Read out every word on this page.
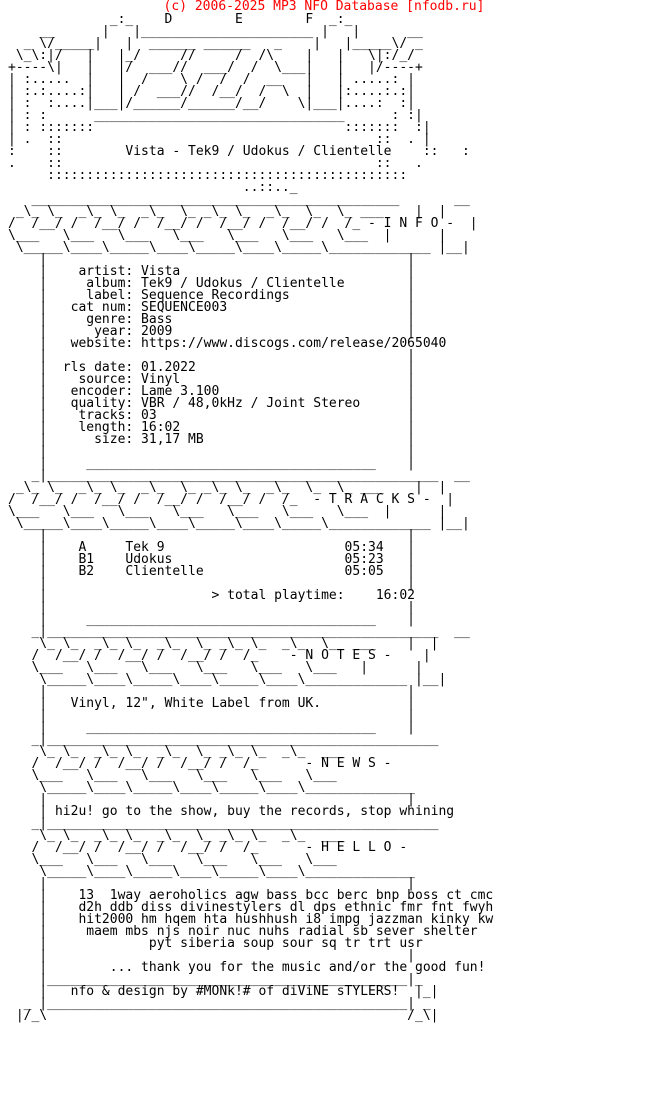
(c) 2006-2025 MP3 NFO Database [nfodb.ru]
_:_    D        E        F  _:_
__      |   |______________________ |   |      __
_ \/_____|   |  ______ ______   _    |   |_____\/ _
\_\:|/   |   |_/     //     /  /\    |   |   \|:/_/
+----\|   |   |/  ___//  ___/  /  \___|   |   |/----+
| :.....  |   |  /    \ /  /  /  __   |   | .....: |
| :.:....:|   | /  ___//  /__/  /  \  |   |:....:.:|
| :  :....|___|/______/______/__/    \|___|....:  :|
| : :      ________________________________      : :|
| : :::::::                                :::::::  :|
| .  ::                                        ::  . |
:    ::        Vista - Tek9 / Udokus / Clientelle    ::   :
.    ::                                        ::   .
::::::::::::::::::::::::::::::::::::::::::::::
..::.._
_______________________________________________       __
_\_ \_  _\_ \_  _\_  \_ _\_ \_  _\_  \_  \_ ___    |  |
/  /__/ /  /__/ /  /__/ /  /__/ /  /__/ /  /_ - I N F O -  |
\___   \___   \___   \___   \___   \___   \___  |      |
\_____\____\_____\____\_____\____\_____\_____________ |__|
|                                              |
|    artist: Vista                             |
|     album: Tek9 / Udokus / Clientelle        |
|     label: Sequence Recordings               |
|   cat num: SEQUENCE003                       |
|     genre: Bass                              |
|      year: 2009                              |
|   website: https://www.discogs.com/release/2065040
|                                              |
|  rls date: 01.2022                           |
|    source: Vinyl                             |
|   encoder: Lame 3.100                        |
|   quality: VBR / 48,0kHz / Joint Stereo      |
|    tracks: 03                                |
|    length: 16:02                             |
|      size: 31,17 MB                          |
|                                              |
|     _____________________________________    |
_|__________________________________________________  __
_\_ \_  _\_ \_  _\_  \_ _\_ \_  _\_  \_  \_ ___    |  |
/  /__/ /  /__/ /  /__/ /  /__/ /  /_  - T R A C K S -  |
\___   \___   \___   \___   \___   \___   \___  |      |
\_____\____\_____\____\_____\____\_____\_____________ |__|
|                                              |
|    A     Tek 9                       05:34   |
|    B1    Udokus                      05:23   |
|    B2    Clientelle                  05:05   |
|                                              |
|                     > total playtime:    16:02
|                                              |
|     _____________________________________    |
_|__________________________________________________  __
\_ \_  _\_ \_  _\_  \_ _\_ \_  _\_  \_  ___    |  |
/  /__/ /  /__/ /  /__/ /  /_    - N O T E S -    |
\___   \___   \___   \___   \___   \___   |      |
\_____\____\_____\____\_____\____\_____________ |__|
|                                              |
|   Vinyl, 12", White Label from UK.           |
|                                              |
|     _____________________________________    |
_|__________________________________________________
\_ \_  _\_ \_  _\_  \_ _\_ \_  _\_  ___
/  /__/ /  /__/ /  /__/ /  /_      - N E W S -
\___   \___   \___   \___   \___   \___
\_____\____\_____\____\_____\____\______________
|                                              |
| hi2u! go to the show, buy the records, stop whining
_|__________________________________________________
\_ \_  _\_ \_  _\_  \_ _\_ \_  _\_  ___
/  /__/ /  /__/ /  /__/ /  /_      - H E L L O -
\___   \___   \___   \___   \___   \___
\_____\____\_____\____\_____\____\______________
|                                              |
|    13  1way aeroholics agw bass bcc berc bnp boss ct cmc
|    d2h ddb diss divinestylers dl dps ethnic fmr fnt fwyh
|    hit2000 hm hqem hta hushhush i8 impg jazzman kinky kw
|     maem mbs njs noir nuc nuhs radial sb sever shelter
|             pyt siberia soup sour sq tr trt usr
|                                              |
|        ... thank you for the music and/or the good fun!
|______________________________________________|_
|   nfo & design by #MONk!# of diViNE sTYLERS!  |_|
_ |______________________________________________| _
|/_\                                              /_\|
